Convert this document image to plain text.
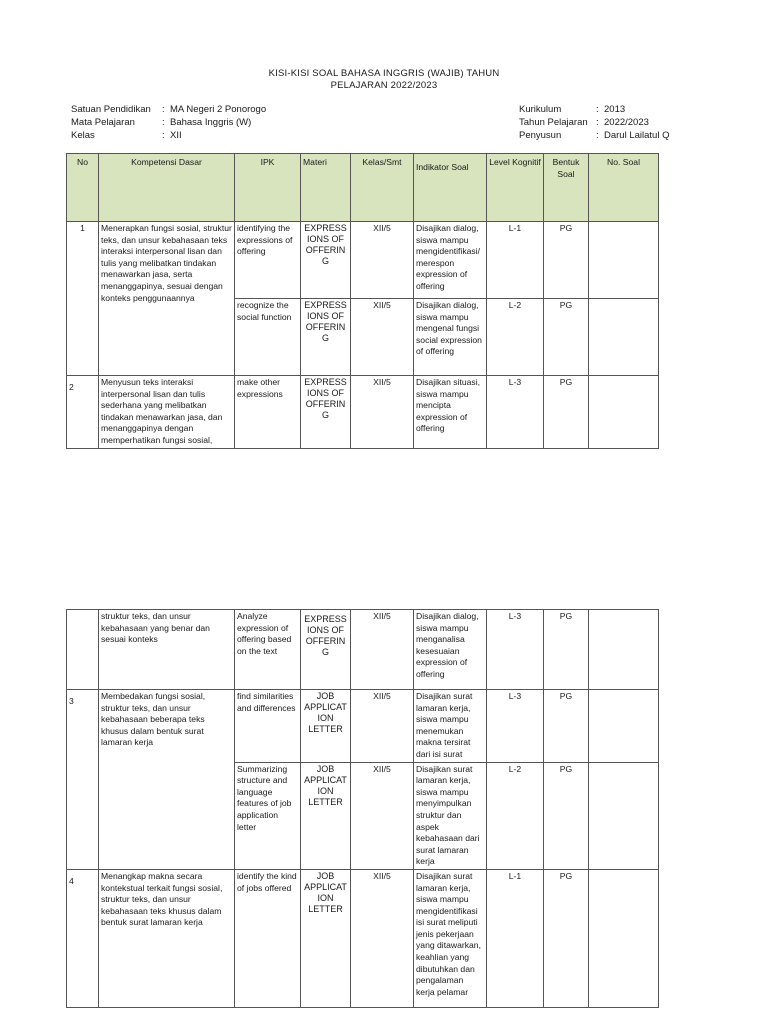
KISI-KISI SOAL BAHASA INGGRIS (WAJIB) TAHUN
PELAJARAN 2022/2023
Satuan Pendidikan	: MA Negeri 2 Ponorogo
Mata Pelajaran	: Bahasa Inggris (W)
Kelas	: XII
Kurikulum	: 2013
Tahun Pelajaran : 2022/2023
Penyusun	: Darul Lailatul Q
No	Kompetensi Dasar	IPK	Materi	Kelas/Smt	Indikator Soal	Level Kognitif	Bentuk Soal	No. Soal
1	Menerapkan fungsi sosial, struktur teks, dan unsur kebahasaan teks interaksi interpersonal lisan dan tulis yang melibatkan tindakan menawarkan jasa, serta menanggapinya, sesuai dengan konteks penggunaannya	identifying the expressions of offering	EXPRESSIONS OF OFFERING	XII/5	Disajikan dialog, siswa mampu mengidentifikasi/merespon expression of offering	L-1	PG	
		recognize the social function	EXPRESSIONS OF OFFERING	XII/5	Disajikan dialog, siswa mampu mengenal fungsi social expression of offering	L-2	PG	
2	Menyusun teks interaksi interpersonal lisan dan tulis sederhana yang melibatkan tindakan menawarkan jasa, dan menanggapinya dengan memperhatikan fungsi sosial,	make other expressions	EXPRESSIONS OF OFFERING	XII/5	Disajikan situasi, siswa mampu mencipta expression of offering	L-3	PG	
	struktur teks, dan unsur kebahasaan yang benar dan sesuai konteks	Analyze expression of offering based on the text	EXPRESSIONS OF OFFERING	XII/5	Disajikan dialog, siswa mampu menganalisa kesesuaian expression of offering	L-3	PG	
3	Membedakan fungsi sosial, struktur teks, dan unsur kebahasaan beberapa teks khusus dalam bentuk surat lamaran kerja	find similarities and differences	JOB APPLICATION LETTER	XII/5	Disajikan surat lamaran kerja, siswa mampu menemukan makna tersirat dari isi surat	L-3	PG	
		Summarizing structure and language features of job application letter	JOB APPLICATION LETTER	XII/5	Disajikan surat lamaran kerja, siswa mampu menyimpulkan struktur dan aspek kebahasaan dari surat lamaran kerja	L-2	PG	
4	Menangkap makna secara kontekstual terkait fungsi sosial, struktur teks, dan unsur kebahasaan teks khusus dalam bentuk surat lamaran kerja	identify the kind of jobs offered	JOB APPLICATION LETTER	XII/5	Disajikan surat lamaran kerja, siswa mampu mengidentifikasi isi surat meliputi jenis pekerjaan yang ditawarkan, keahlian yang dibutuhkan dan pengalaman kerja pelamar	L-1	PG	
